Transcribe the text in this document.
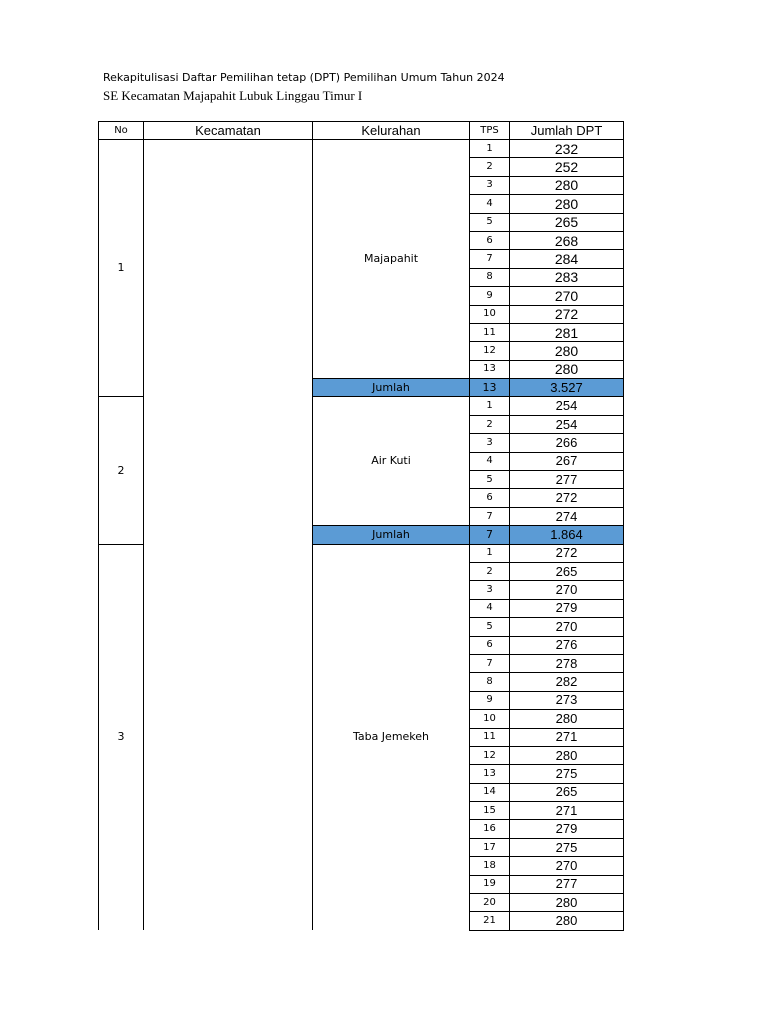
Rekapitulisasi Daftar Pemilihan tetap (DPT) Pemilihan Umum Tahun 2024
SE Kecamatan Majapahit Lubuk Linggau Timur I
No	Kecamatan	Kelurahan	TPS	Jumlah DPT
1		Majapahit	1	232
			2	252
			3	280
			4	280
			5	265
			6	268
			7	284
			8	283
			9	270
			10	272
			11	281
			12	280
			13	280
		Jumlah	13	3.527
2		Air Kuti	1	254
			2	254
			3	266
			4	267
			5	277
			6	272
			7	274
		Jumlah	7	1.864
3		Taba Jemekeh	1	272
			2	265
			3	270
			4	279
			5	270
			6	276
			7	278
			8	282
			9	273
			10	280
			11	271
			12	280
			13	275
			14	265
			15	271
			16	279
			17	275
			18	270
			19	277
			20	280
			21	280
